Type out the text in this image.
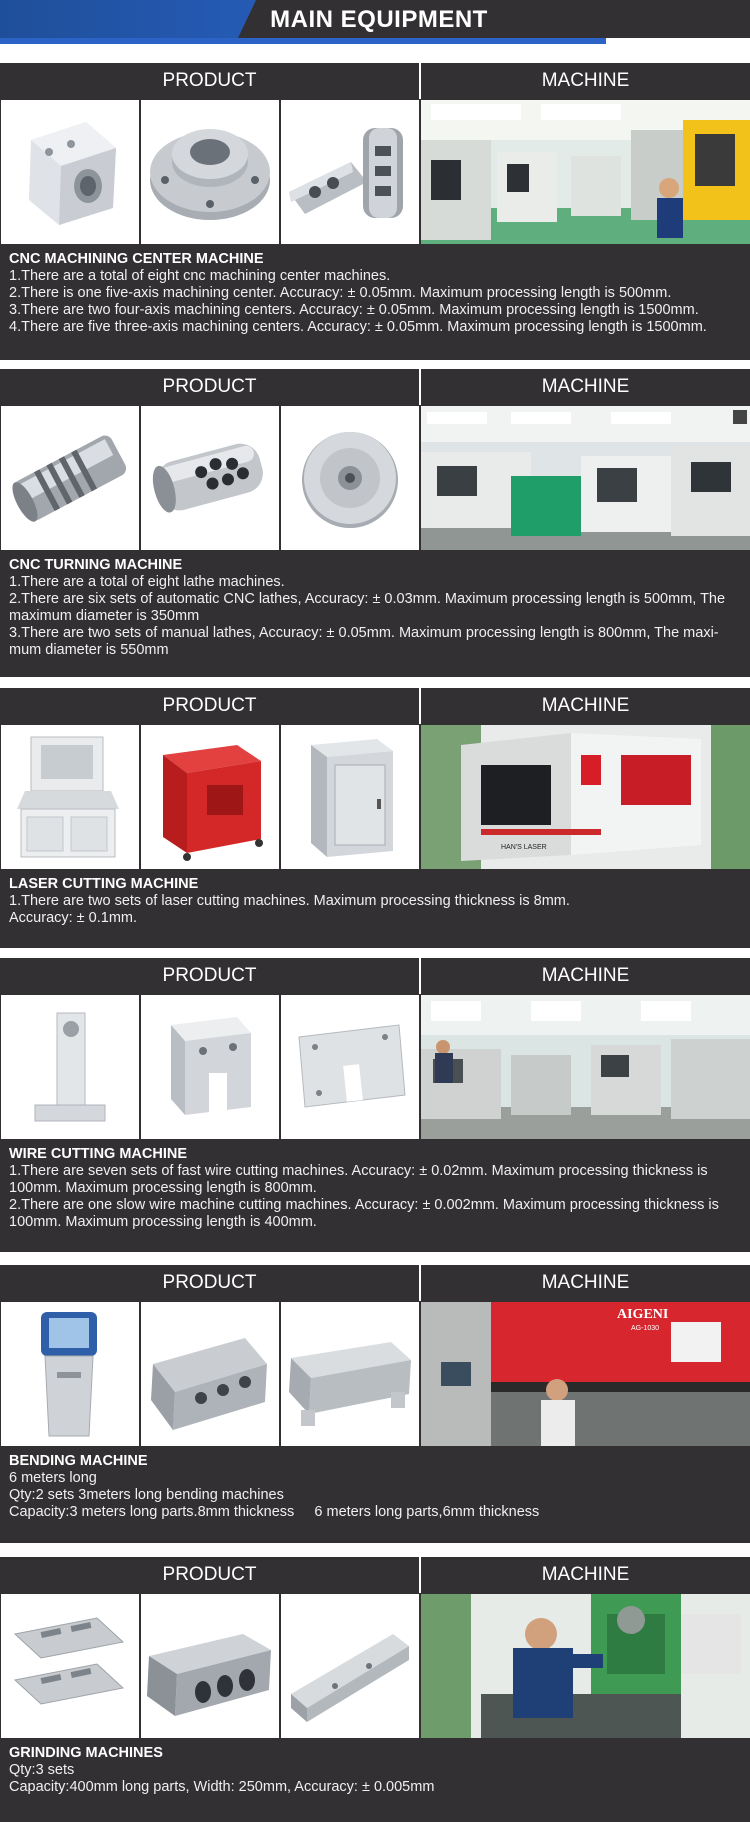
MAIN EQUIPMENT
PRODUCT	MACHINE
CNC MACHINING CENTER MACHINE
1.There are a total of eight cnc machining center machines.
2.There is one five-axis machining center. Accuracy: ± 0.05mm. Maximum processing length is 500mm.
3.There are two four-axis machining centers. Accuracy: ± 0.05mm. Maximum processing length is 1500mm.
4.There are five three-axis machining centers. Accuracy: ± 0.05mm. Maximum processing length is 1500mm.
PRODUCT	MACHINE
CNC TURNING MACHINE
1.There are a total of eight lathe machines.
2.There are six sets of automatic CNC lathes, Accuracy: ± 0.03mm. Maximum processing length is 500mm, The maximum diameter is 350mm
3.There are two sets of manual lathes, Accuracy: ± 0.05mm. Maximum processing length is 800mm, The maxi-mum diameter is 550mm
PRODUCT	MACHINE
HAN'S LASER
LASER CUTTING MACHINE
1.There are two sets of laser cutting machines. Maximum processing thickness is 8mm.
Accuracy: ± 0.1mm.
PRODUCT	MACHINE
WIRE CUTTING MACHINE
1.There are seven sets of fast wire cutting machines. Accuracy: ± 0.02mm. Maximum processing thickness is 100mm. Maximum processing length is 800mm.
2.There are one slow wire machine cutting machines. Accuracy: ± 0.002mm. Maximum processing thickness is 100mm. Maximum processing length is 400mm.
PRODUCT	MACHINE
AIGENI
AG-1030
BENDING MACHINE
6 meters long
Qty:2 sets 3meters long bending machines
Capacity:3 meters long parts.8mm thickness     6 meters long parts,6mm thickness
PRODUCT	MACHINE
GRINDING MACHINES
Qty:3 sets
Capacity:400mm long parts, Width: 250mm, Accuracy: ± 0.005mm
